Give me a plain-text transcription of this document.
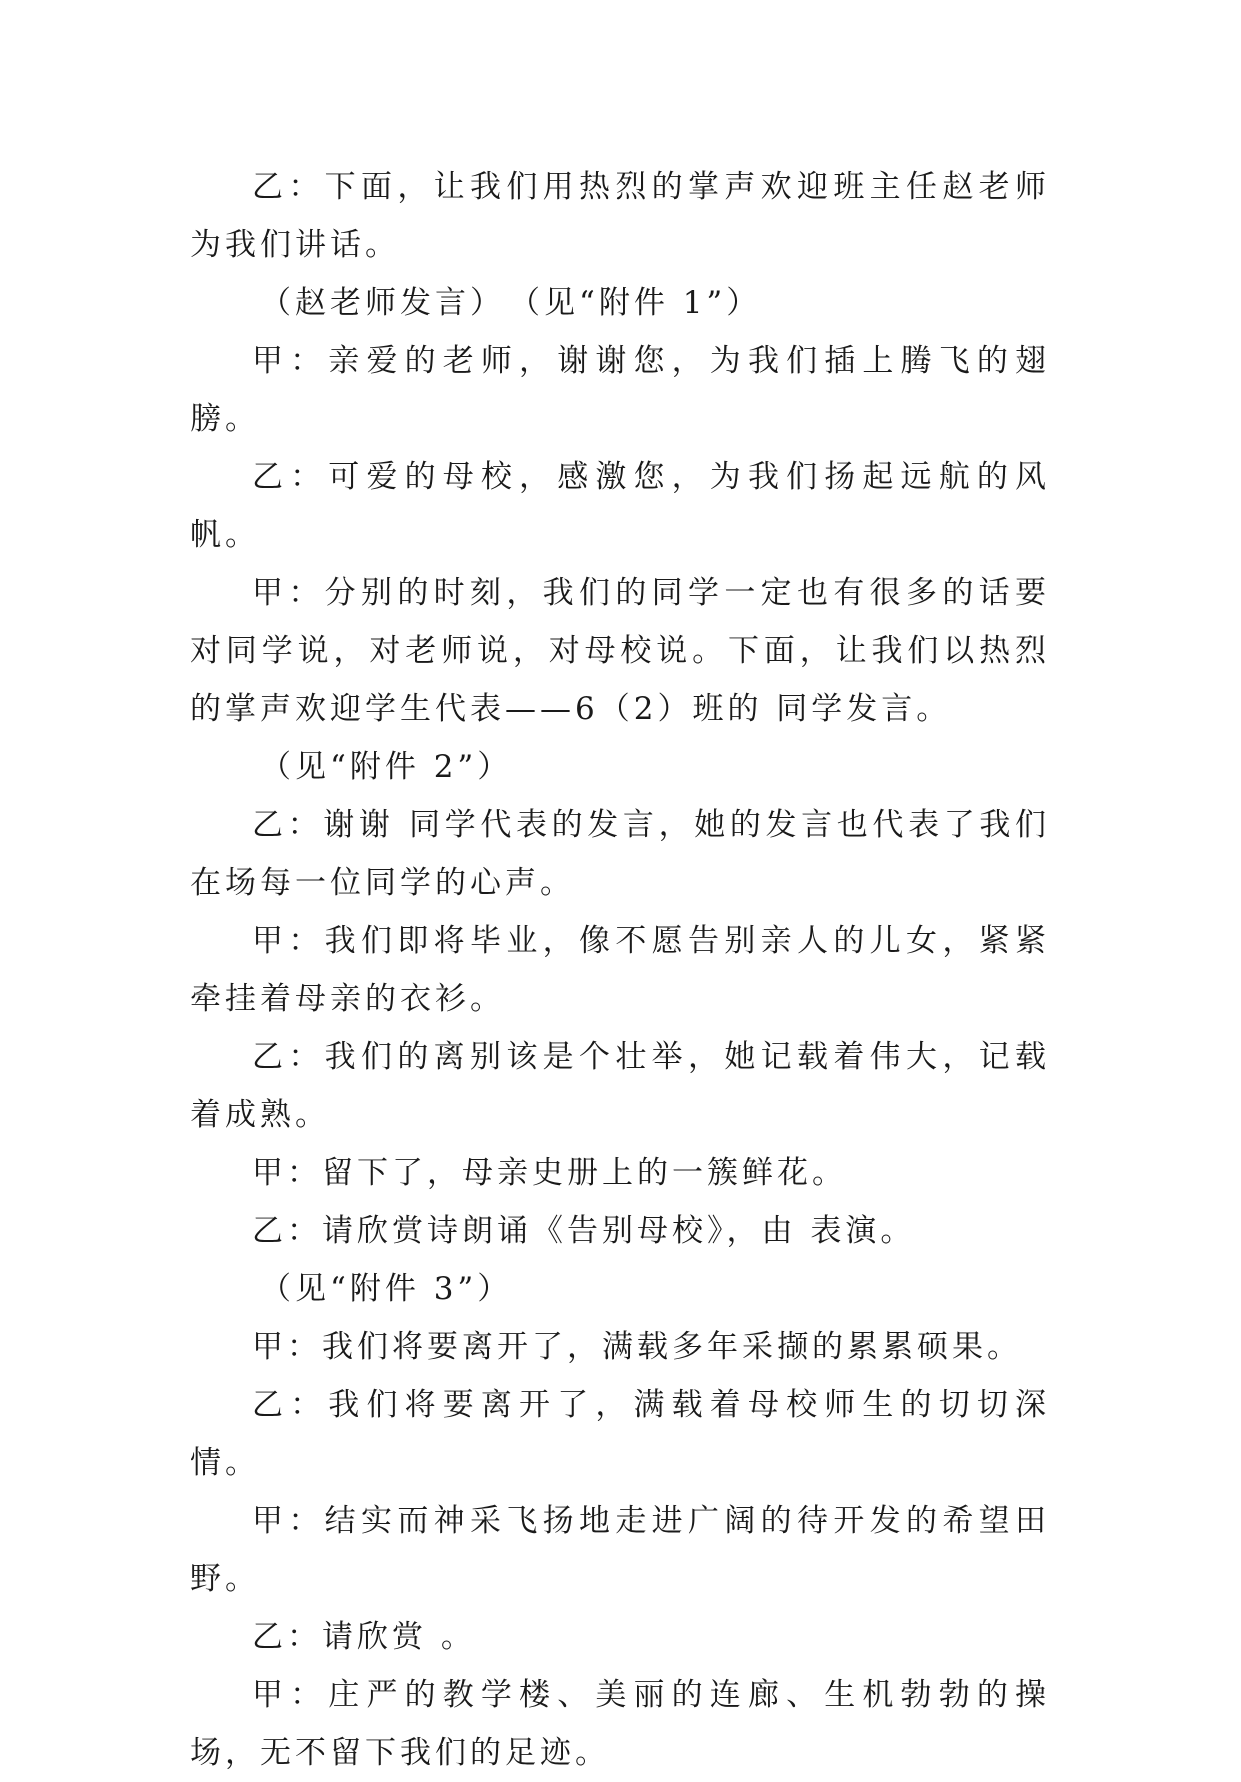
乙：下面，让我们用热烈的掌声欢迎班主任赵老师为我们讲话。

（赵老师发言）　（见“附件 1”）

甲：亲爱的老师，谢谢您，为我们插上腾飞的翅膀。

乙：可爱的母校，感激您，为我们扬起远航的风帆。

甲：分别的时刻，我们的同学一定也有很多的话要对同学说，对老师说，对母校说。下面，让我们以热烈的掌声欢迎学生代表——6（2）班的 同学发言。

（见“附件 2”）

乙：谢谢 同学代表的发言，她的发言也代表了我们在场每一位同学的心声。

甲：我们即将毕业，像不愿告别亲人的儿女，紧紧牵挂着母亲的衣衫。

乙：我们的离别该是个壮举，她记载着伟大，记载着成熟。

甲：留下了，母亲史册上的一簇鲜花。

乙：请欣赏诗朗诵《告别母校》，由 表演。

（见“附件 3”）

甲：我们将要离开了，满载多年采撷的累累硕果。

乙：我们将要离开了，满载着母校师生的切切深情。

甲：结实而神采飞扬地走进广阔的待开发的希望田野。

乙：请欣赏 。

甲：庄严的教学楼、美丽的连廊、生机勃勃的操场，无不留下我们的足迹。
